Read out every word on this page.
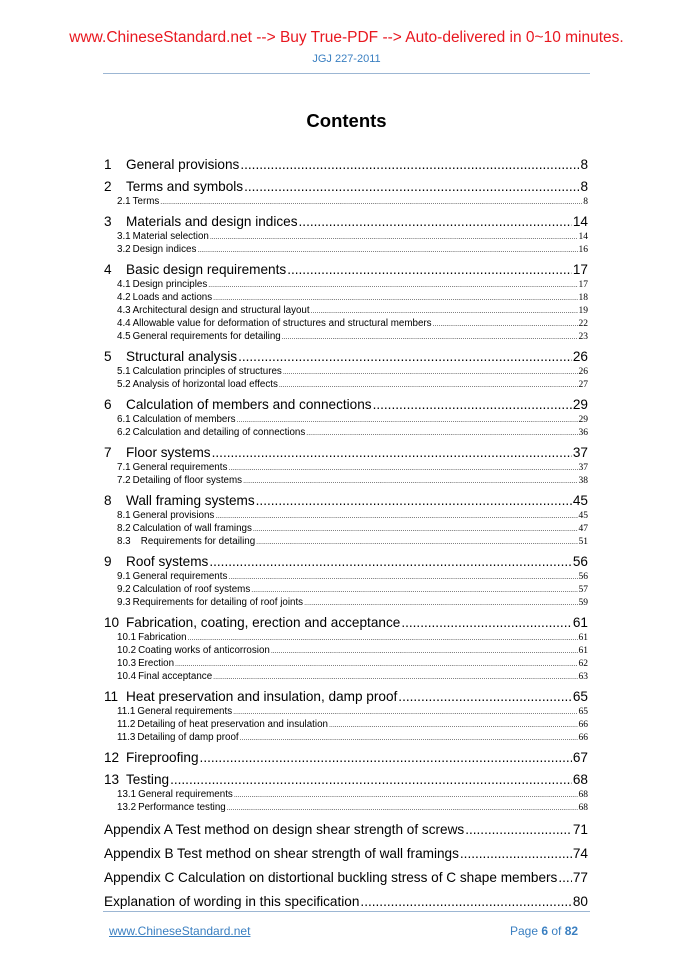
www.ChineseStandard.net --> Buy True-PDF --> Auto-delivered in 0~10 minutes.
JGJ 227-2011
Contents
1 General provisions .....	8
2 Terms and symbols .....	8
2.1 Terms .....	8
3 Materials and design indices .....	14
3.1 Material selection .....	14
3.2 Design indices .....	16
4 Basic design requirements .....	17
4.1 Design principles .....	17
4.2 Loads and actions .....	18
4.3 Architectural design and structural layout .....	19
4.4 Allowable value for deformation of structures and structural members .....	22
4.5 General requirements for detailing .....	23
5 Structural analysis .....	26
5.1 Calculation principles of structures .....	26
5.2 Analysis of horizontal load effects .....	27
6 Calculation of members and connections .....	29
6.1 Calculation of members .....	29
6.2 Calculation and detailing of connections .....	36
7 Floor systems .....	37
7.1 General requirements .....	37
7.2 Detailing of floor systems .....	38
8 Wall framing systems .....	45
8.1 General provisions .....	45
8.2 Calculation of wall framings .....	47
8.3   Requirements for detailing .....	51
9 Roof systems .....	56
9.1 General requirements .....	56
9.2 Calculation of roof systems .....	57
9.3 Requirements for detailing of roof joints .....	59
10 Fabrication, coating, erection and acceptance .....	61
10.1 Fabrication .....	61
10.2 Coating works of anticorrosion .....	61
10.3 Erection .....	62
10.4 Final acceptance .....	63
11 Heat preservation and insulation, damp proof .....	65
11.1 General requirements .....	65
11.2 Detailing of heat preservation and insulation .....	66
11.3 Detailing of damp proof .....	66
12 Fireproofing .....	67
13 Testing .....	68
13.1 General requirements .....	68
13.2 Performance testing .....	68
Appendix A Test method on design shear strength of screws .....	71
Appendix B Test method on shear strength of wall framings .....	74
Appendix C Calculation on distortional buckling stress of C shape members ..... 77
Explanation of wording in this specification .....	80
www.ChineseStandard.net	Page 6 of 82
